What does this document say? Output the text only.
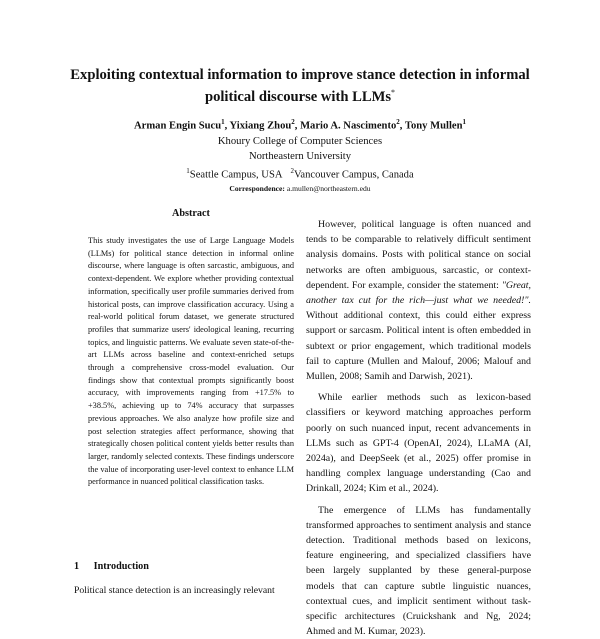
Exploiting contextual information to improve stance detection in informal

political discourse with LLMs*

Arman Engin Sucu$^1$, Yixiang Zhou$^2$, Mario A. Nascimento$^2$, Tony Mullen$^1$

Khoury College of Computer Sciences

Northeastern University

$^1$Seattle Campus, USA $^2$Vancouver Campus, Canada

Correspondence: a.mullen@northeastern.edu

Abstract

This study investigates the use of Large Language Models (LLMs) for political stance detection in informal online discourse, where language is often sarcastic, ambiguous, and context-dependent. We explore whether providing contextual information, specifically user profile summaries derived from historical posts, can improve classification accuracy. Using a real-world political forum dataset, we generate structured profiles that summarize users' ideological leaning, recurring topics, and linguistic patterns. We evaluate seven state-of-the-art LLMs across baseline and context-enriched setups through a comprehensive cross-model evaluation. Our findings show that contextual prompts significantly boost accuracy, with improvements ranging from +17.5% to +38.5%, achieving up to 74% accuracy that surpasses previous approaches. We also analyze how profile size and post selection strategies affect performance, showing that strategically chosen political content yields better results than larger, randomly selected contexts. These findings underscore the value of incorporating user-level context to enhance LLM performance in nuanced political classification tasks.

1 Introduction

Political stance detection is an increasingly relevant

However, political language is often nuanced and tends to be comparable to relatively difficult sentiment analysis domains. Posts with political stance on social networks are often ambiguous, sarcastic, or context-dependent. For example, consider the statement: "Great, another tax cut for the rich—just what we needed!". Without additional context, this could either express support or sarcasm. Political intent is often embedded in subtext or prior engagement, which traditional models fail to capture (Mullen and Malouf, 2006; Malouf and Mullen, 2008; Samih and Darwish, 2021).

While earlier methods such as lexicon-based classifiers or keyword matching approaches perform poorly on such nuanced input, recent advancements in LLMs such as GPT-4 (OpenAI, 2024), LLaMA (AI, 2024a), and DeepSeek (et al., 2025) offer promise in handling complex language understanding (Cao and Drinkall, 2024; Kim et al., 2024).

The emergence of LLMs has fundamentally transformed approaches to sentiment analysis and stance detection. Traditional methods based on lexicons, feature engineering, and specialized classifiers have been largely supplanted by these general-purpose models that can capture subtle linguistic nuances, contextual cues, and implicit sentiment without task-specific architectures (Cruickshank and Ng, 2024; Ahmed and M. Kumar, 2023).
